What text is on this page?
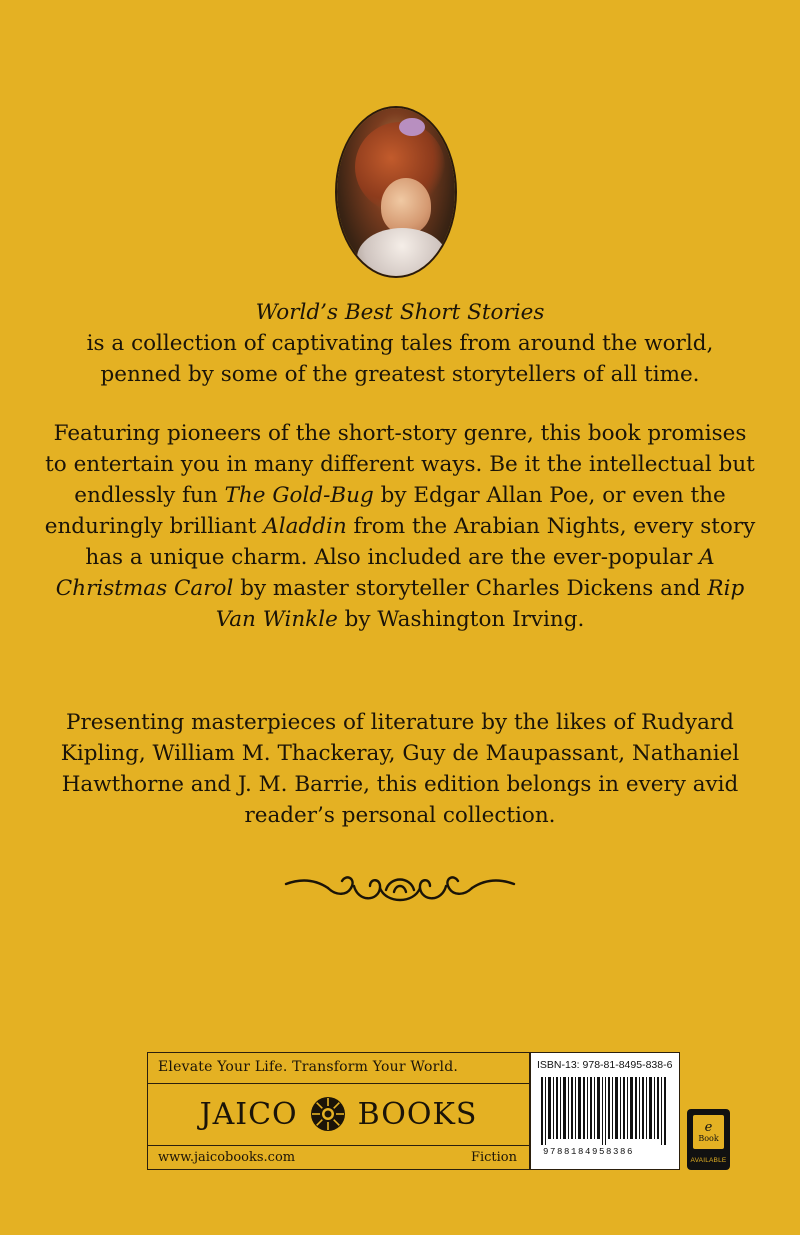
World’s Best Short Stories
is a collection of captivating tales from around the world,
penned by some of the greatest storytellers of all time.

Featuring pioneers of the short-story genre, this book promises to entertain you in many different ways. Be it the intellectual but endlessly fun The Gold-Bug by Edgar Allan Poe, or even the enduringly brilliant Aladdin from the Arabian Nights, every story has a unique charm. Also included are the ever-popular A Christmas Carol by master storyteller Charles Dickens and Rip Van Winkle by Washington Irving.

Presenting masterpieces of literature by the likes of Rudyard Kipling, William M. Thackeray, Guy de Maupassant, Nathaniel Hawthorne and J. M. Barrie, this edition belongs in every avid reader’s personal collection.

Elevate Your Life. Transform Your World.
JAICO BOOKS
www.jaicobooks.com	Fiction
ISBN-13: 978-81-8495-838-6
9788184958386
e
Book
AVAILABLE
